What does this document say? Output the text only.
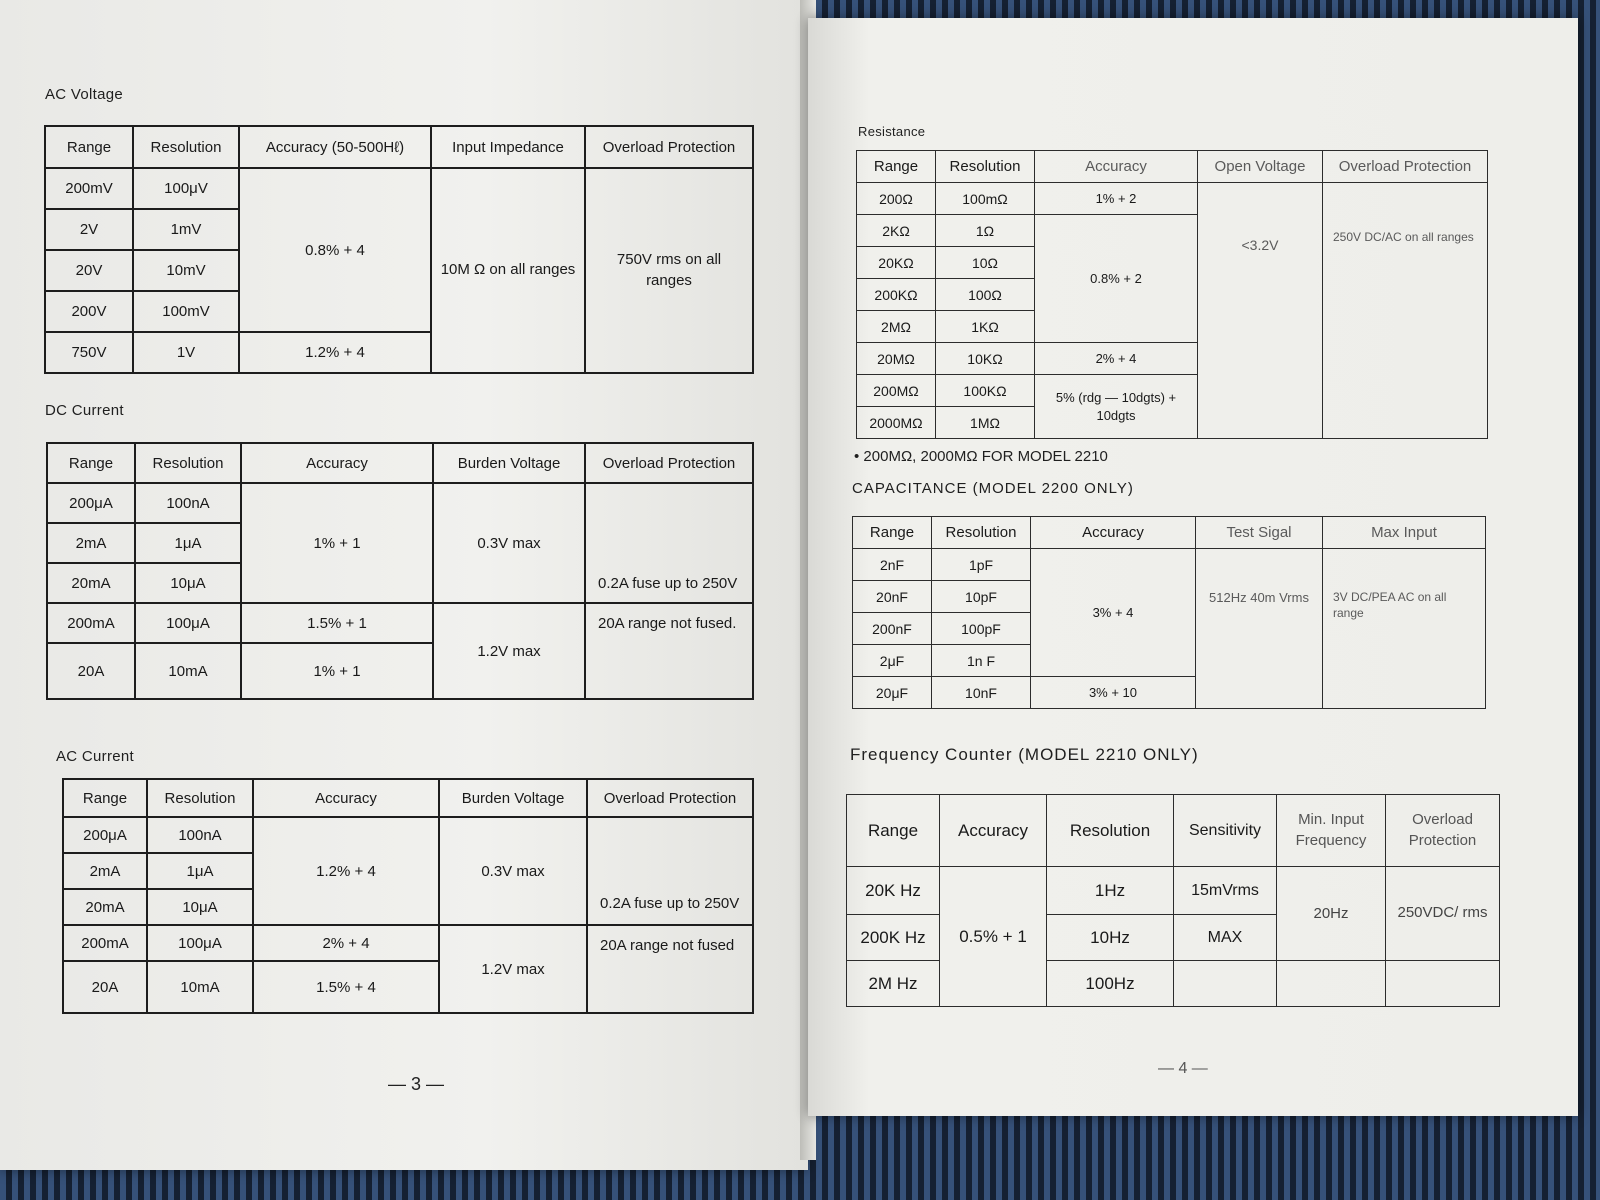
AC Voltage
Range	Resolution	Accuracy (50-500Hℓ)	Input Impedance	Overload Protection
200mV	100μV	0.8% + 4	10M Ω on all ranges	750V rms on all ranges
2V	1mV			
20V	10mV			
200V	100mV			
750V	1V	1.2% + 4		
DC Current
Range	Resolution	Accuracy	Burden Voltage	Overload Protection
200μA	100nA	1% + 1	0.3V max	0.2A fuse up to 250V
2mA	1μA			
20mA	10μA			
200mA	100μA	1.5% + 1	1.2V max	20A range not fused.
20A	10mA	1% + 1		
AC Current
Range	Resolution	Accuracy	Burden Voltage	Overload Protection
200μA	100nA	1.2% + 4	0.3V max	0.2A fuse up to 250V
2mA	1μA			
20mA	10μA			
200mA	100μA	2% + 4	1.2V max	20A range not fused
20A	10mA	1.5% + 4		
— 3 —
Resistance
Range	Resolution	Accuracy	Open Voltage	Overload Protection
200Ω	100mΩ	1% + 2	<3.2V	250V DC/AC on all ranges
2KΩ	1Ω	0.8% + 2		
20KΩ	10Ω			
200KΩ	100Ω			
2MΩ	1KΩ			
20MΩ	10KΩ	2% + 4		
200MΩ	100KΩ	5% (rdg — 10dgts) + 10dgts		
2000MΩ	1MΩ			
• 200MΩ, 2000MΩ FOR MODEL 2210
CAPACITANCE (MODEL 2200 ONLY)
Range	Resolution	Accuracy	Test Sigal	Max Input
2nF	1pF	3% + 4	512Hz 40m Vrms	3V DC/PEA AC on all range
20nF	10pF			
200nF	100pF			
2μF	1n F			
20μF	10nF	3% + 10		
Frequency Counter (MODEL 2210 ONLY)
Range	Accuracy	Resolution	Sensitivity	Min. Input Frequency	Overload Protection
20K Hz	0.5% + 1	1Hz	15mVrms	20Hz	250VDC/ rms
200K Hz		10Hz	MAX		
2M Hz		100Hz			
— 4 —
